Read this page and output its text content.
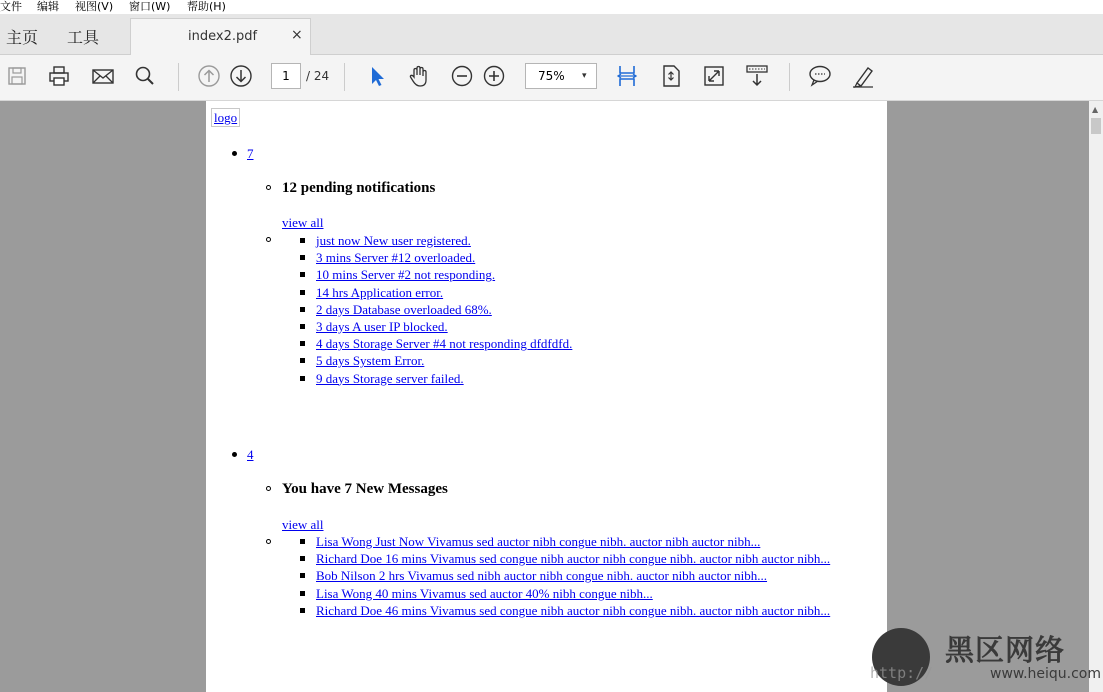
文件 编辑 视图(V) 窗口(W) 帮助(H)
主页 工具	index2.pdf ×
1	/ 24	75% ▾
logo
7
12 pending notifications
view all
just now New user registered.
3 mins Server #12 overloaded.
10 mins Server #2 not responding.
14 hrs Application error.
2 days Database overloaded 68%.
3 days A user IP blocked.
4 days Storage Server #4 not responding dfdfdfd.
5 days System Error.
9 days Storage server failed.
4
You have 7 New Messages
view all
Lisa Wong Just Now Vivamus sed auctor nibh congue nibh. auctor nibh auctor nibh...
Richard Doe 16 mins Vivamus sed congue nibh auctor nibh congue nibh. auctor nibh auctor nibh...
Bob Nilson 2 hrs Vivamus sed nibh auctor nibh congue nibh. auctor nibh auctor nibh...
Lisa Wong 40 mins Vivamus sed auctor 40% nibh congue nibh...
Richard Doe 46 mins Vivamus sed congue nibh auctor nibh congue nibh. auctor nibh auctor nibh...
▲
黑区网络
http://	www.heiqu.com
